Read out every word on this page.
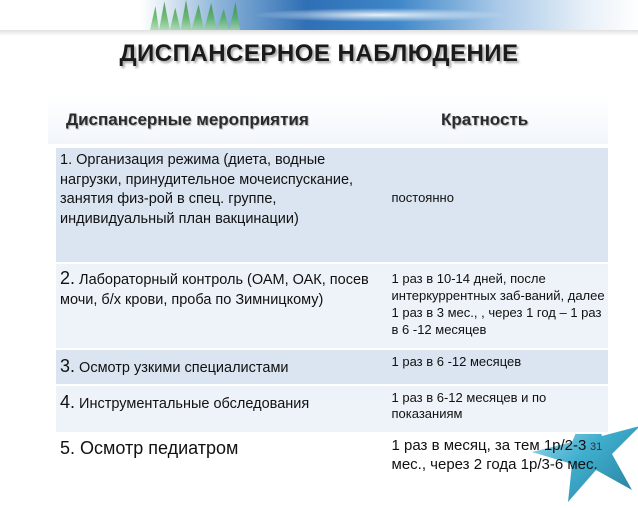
ДИСПАНСЕРНОЕ НАБЛЮДЕНИЕ
Диспансерные мероприятия	Кратность
1. Организация режима (диета, водные нагрузки, принудительное мочеиспускание, занятия физ-рой в спец. группе, индивидуальный план вакцинации)	постоянно
2. Лабораторный контроль (ОАМ, ОАК, посев мочи, б/х крови, проба по Зимницкому)	1 раз в 10-14 дней, после интеркуррентных заб-ваний, далее 1 раз в 3 мес., , через 1 год – 1 раз в 6 -12 месяцев
3. Осмотр узкими специалистами	1 раз в 6 -12 месяцев
4. Инструментальные обследования	1 раз в 6-12 месяцев и по показаниям
5. Осмотр педиатром	1 раз в месяц, за тем 1р/2-3 мес., через 2 года 1р/3-6 мес.
31
